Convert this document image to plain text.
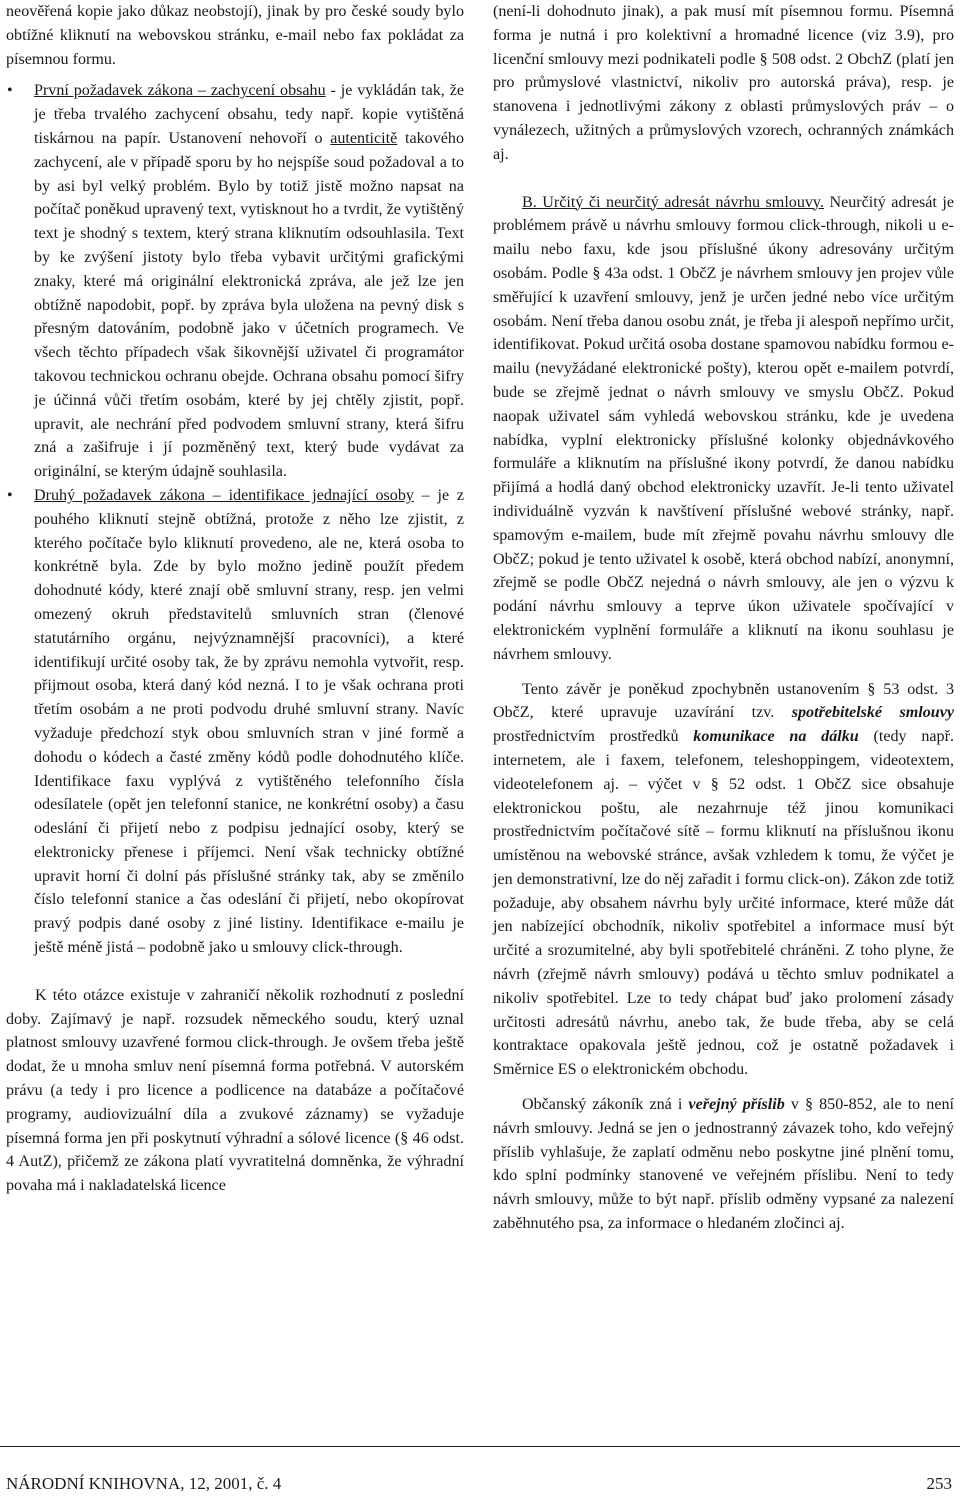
neověřená kopie jako důkaz neobstojí), jinak by pro české soudy bylo obtížné kliknutí na webovskou stránku, e-mail nebo fax pokládat za písemnou formu.

• První požadavek zákona – zachycení obsahu - je vykládán tak, že je třeba trvalého zachycení obsahu, tedy např. kopie vytištěná tiskárnou na papír. Ustanovení nehovoří o autenticitě takového zachycení, ale v případě sporu by ho nejspíše soud požadoval a to by asi byl velký problém. Bylo by totiž jistě možno napsat na počítač poněkud upravený text, vytisknout ho a tvrdit, že vytištěný text je shodný s textem, který strana kliknutím odsouhlasila. Text by ke zvýšení jistoty bylo třeba vybavit určitými grafickými znaky, které má originální elektronická zpráva, ale jež lze jen obtížně napodobit, popř. by zpráva byla uložena na pevný disk s přesným datováním, podobně jako v účetních programech. Ve všech těchto případech však šikovnější uživatel či programátor takovou technickou ochranu obejde. Ochrana obsahu pomocí šifry je účinná vůči třetím osobám, které by jej chtěly zjistit, popř. upravit, ale nechrání před podvodem smluvní strany, která šifru zná a zašifruje i jí pozměněný text, který bude vydávat za originální, se kterým údajně souhlasila.
• Druhý požadavek zákona – identifikace jednající osoby – je z pouhého kliknutí stejně obtížná, protože z něho lze zjistit, z kterého počítače bylo kliknutí provedeno, ale ne, která osoba to konkrétně byla. Zde by bylo možno jedině použít předem dohodnuté kódy, které znají obě smluvní strany, resp. jen velmi omezený okruh představitelů smluvních stran (členové statutárního orgánu, nejvýznamnější pracovníci), a které identifikují určité osoby tak, že by zprávu nemohla vytvořit, resp. přijmout osoba, která daný kód nezná. I to je však ochrana proti třetím osobám a ne proti podvodu druhé smluvní strany. Navíc vyžaduje předchozí styk obou smluvních stran v jiné formě a dohodu o kódech a časté změny kódů podle dohodnutého klíče. Identifikace faxu vyplývá z vytištěného telefonního čísla odesílatele (opět jen telefonní stanice, ne konkrétní osoby) a času odeslání či přijetí nebo z podpisu jednající osoby, který se elektronicky přenese i příjemci. Není však technicky obtížné upravit horní či dolní pás příslušné stránky tak, aby se změnilo číslo telefonní stanice a čas odeslání či přijetí, nebo okopírovat pravý podpis dané osoby z jiné listiny. Identifikace e-mailu je ještě méně jistá – podobně jako u smlouvy click-through.

K této otázce existuje v zahraničí několik rozhodnutí z poslední doby. Zajímavý je např. rozsudek německého soudu, který uznal platnost smlouvy uzavřené formou click-through. Je ovšem třeba ještě dodat, že u mnoha smluv není písemná forma potřebná. V autorském právu (a tedy i pro licence a podlicence na databáze a počítačové programy, audiovizuální díla a zvukové záznamy) se vyžaduje písemná forma jen při poskytnutí výhradní a sólové licence (§ 46 odst. 4 AutZ), přičemž ze zákona platí vyvratitelná domněnka, že výhradní povaha má i nakladatelská licence

(není-li dohodnuto jinak), a pak musí mít písemnou formu. Písemná forma je nutná i pro kolektivní a hromadné licence (viz 3.9), pro licenční smlouvy mezi podnikateli podle § 508 odst. 2 ObchZ (platí jen pro průmyslové vlastnictví, nikoliv pro autorská práva), resp. je stanovena i jednotlivými zákony z oblasti průmyslových práv – o vynálezech, užitných a průmyslových vzorech, ochranných známkách aj.

B. Určitý či neurčitý adresát návrhu smlouvy. Neurčitý adresát je problémem právě u návrhu smlouvy formou click-through, nikoli u e-mailu nebo faxu, kde jsou příslušné úkony adresovány určitým osobám. Podle § 43a odst. 1 ObčZ je návrhem smlouvy jen projev vůle směřující k uzavření smlouvy, jenž je určen jedné nebo více určitým osobám. Není třeba danou osobu znát, je třeba ji alespoň nepřímo určit, identifikovat. Pokud určitá osoba dostane spamovou nabídku formou e-mailu (nevyžádané elektronické pošty), kterou opět e-mailem potvrdí, bude se zřejmě jednat o návrh smlouvy ve smyslu ObčZ. Pokud naopak uživatel sám vyhledá webovskou stránku, kde je uvedena nabídka, vyplní elektronicky příslušné kolonky objednávkového formuláře a kliknutím na příslušné ikony potvrdí, že danou nabídku přijímá a hodlá daný obchod elektronicky uzavřít. Je-li tento uživatel individuálně vyzván k navštívení příslušné webové stránky, např. spamovým e-mailem, bude mít zřejmě povahu návrhu smlouvy dle ObčZ; pokud je tento uživatel k osobě, která obchod nabízí, anonymní, zřejmě se podle ObčZ nejedná o návrh smlouvy, ale jen o výzvu k podání návrhu smlouvy a teprve úkon uživatele spočívající v elektronickém vyplnění formuláře a kliknutí na ikonu souhlasu je návrhem smlouvy.

Tento závěr je poněkud zpochybněn ustanovením § 53 odst. 3 ObčZ, které upravuje uzavírání tzv. spotřebitelské smlouvy prostřednictvím prostředků komunikace na dálku (tedy např. internetem, ale i faxem, telefonem, teleshoppingem, videotextem, videotelefonem aj. – výčet v § 52 odst. 1 ObčZ sice obsahuje elektronickou poštu, ale nezahrnuje též jinou komunikaci prostřednictvím počítačové sítě – formu kliknutí na příslušnou ikonu umístěnou na webovské stránce, avšak vzhledem k tomu, že výčet je jen demonstrativní, lze do něj zařadit i formu click-on). Zákon zde totiž požaduje, aby obsahem návrhu byly určité informace, které může dát jen nabízející obchodník, nikoliv spotřebitel a informace musí být určité a srozumitelné, aby byli spotřebitelé chráněni. Z toho plyne, že návrh (zřejmě návrh smlouvy) podává u těchto smluv podnikatel a nikoliv spotřebitel. Lze to tedy chápat buď jako prolomení zásady určitosti adresátů návrhu, anebo tak, že bude třeba, aby se celá kontraktace opakovala ještě jednou, což je ostatně požadavek i Směrnice ES o elektronickém obchodu.

Občanský zákoník zná i veřejný příslib v § 850-852, ale to není návrh smlouvy. Jedná se jen o jednostranný závazek toho, kdo veřejný příslib vyhlašuje, že zaplatí odměnu nebo poskytne jiné plnění tomu, kdo splní podmínky stanovené ve veřejném příslibu. Není to tedy návrh smlouvy, může to být např. příslib odměny vypsané za nalezení zaběhnutého psa, za informace o hledaném zločinci aj.

NÁRODNÍ KNIHOVNA, 12, 2001, č. 4	253
